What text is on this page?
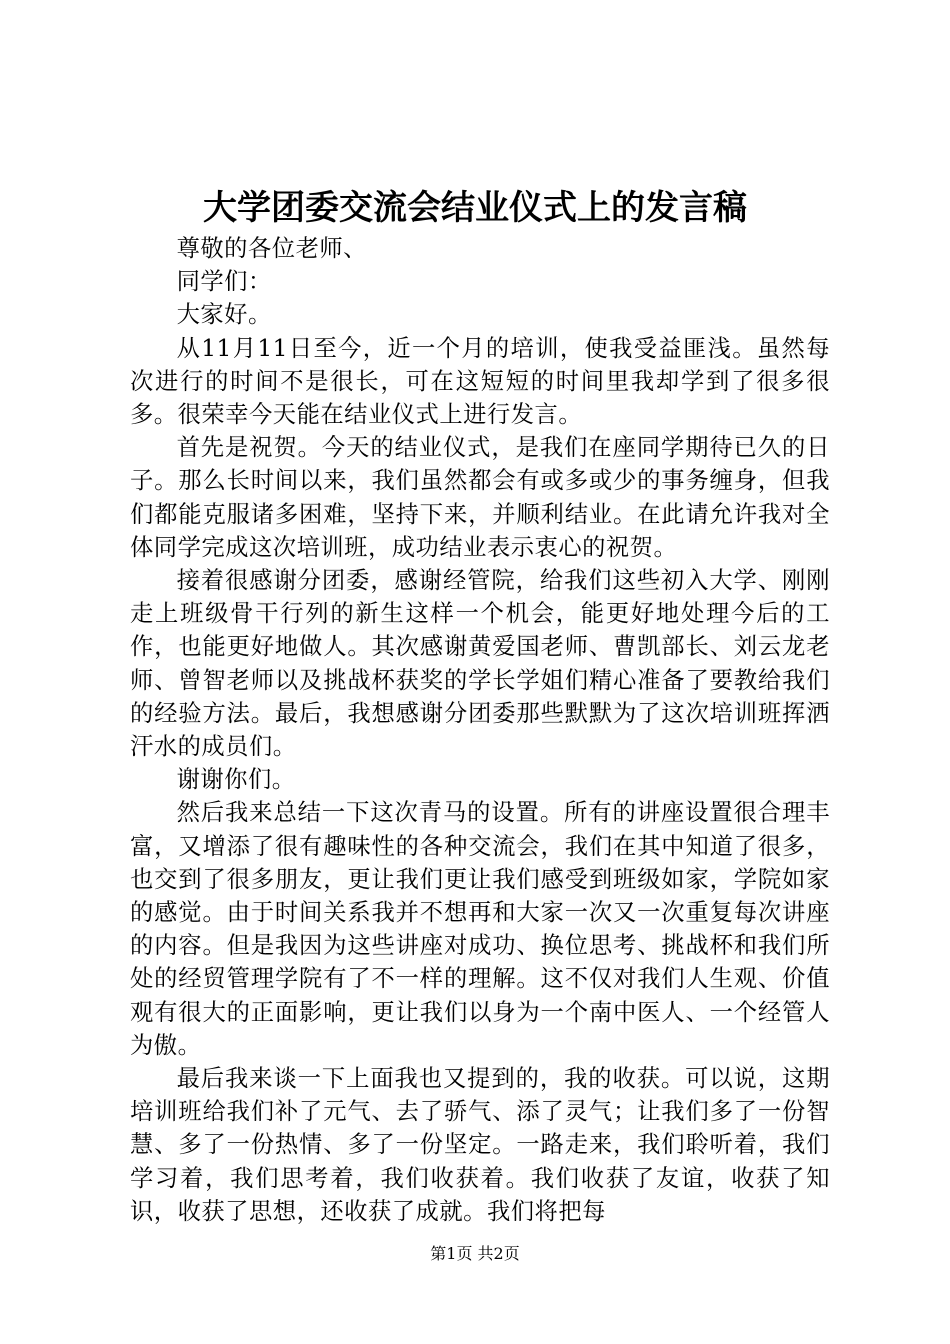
大学团委交流会结业仪式上的发言稿

尊敬的各位老师、

同学们：

大家好。

从11月11日至今，近一个月的培训，使我受益匪浅。虽然每次进行的时间不是很长，可在这短短的时间里我却学到了很多很多。很荣幸今天能在结业仪式上进行发言。

首先是祝贺。今天的结业仪式，是我们在座同学期待已久的日子。那么长时间以来，我们虽然都会有或多或少的事务缠身，但我们都能克服诸多困难，坚持下来，并顺利结业。在此请允许我对全体同学完成这次培训班，成功结业表示衷心的祝贺。

接着很感谢分团委，感谢经管院，给我们这些初入大学、刚刚走上班级骨干行列的新生这样一个机会，能更好地处理今后的工作，也能更好地做人。其次感谢黄爱国老师、曹凯部长、刘云龙老师、曾智老师以及挑战杯获奖的学长学姐们精心准备了要教给我们的经验方法。最后，我想感谢分团委那些默默为了这次培训班挥洒汗水的成员们。

谢谢你们。

然后我来总结一下这次青马的设置。所有的讲座设置很合理丰富，又增添了很有趣味性的各种交流会，我们在其中知道了很多，也交到了很多朋友，更让我们更让我们感受到班级如家，学院如家的感觉。由于时间关系我并不想再和大家一次又一次重复每次讲座的内容。但是我因为这些讲座对成功、换位思考、挑战杯和我们所处的经贸管理学院有了不一样的理解。这不仅对我们人生观、价值观有很大的正面影响，更让我们以身为一个南中医人、一个经管人为傲。

最后我来谈一下上面我也又提到的，我的收获。可以说，这期培训班给我们补了元气、去了骄气、添了灵气；让我们多了一份智慧、多了一份热情、多了一份坚定。一路走来，我们聆听着，我们学习着，我们思考着，我们收获着。我们收获了友谊，收获了知识，收获了思想，还收获了成就。我们将把每

第1页 共2页
